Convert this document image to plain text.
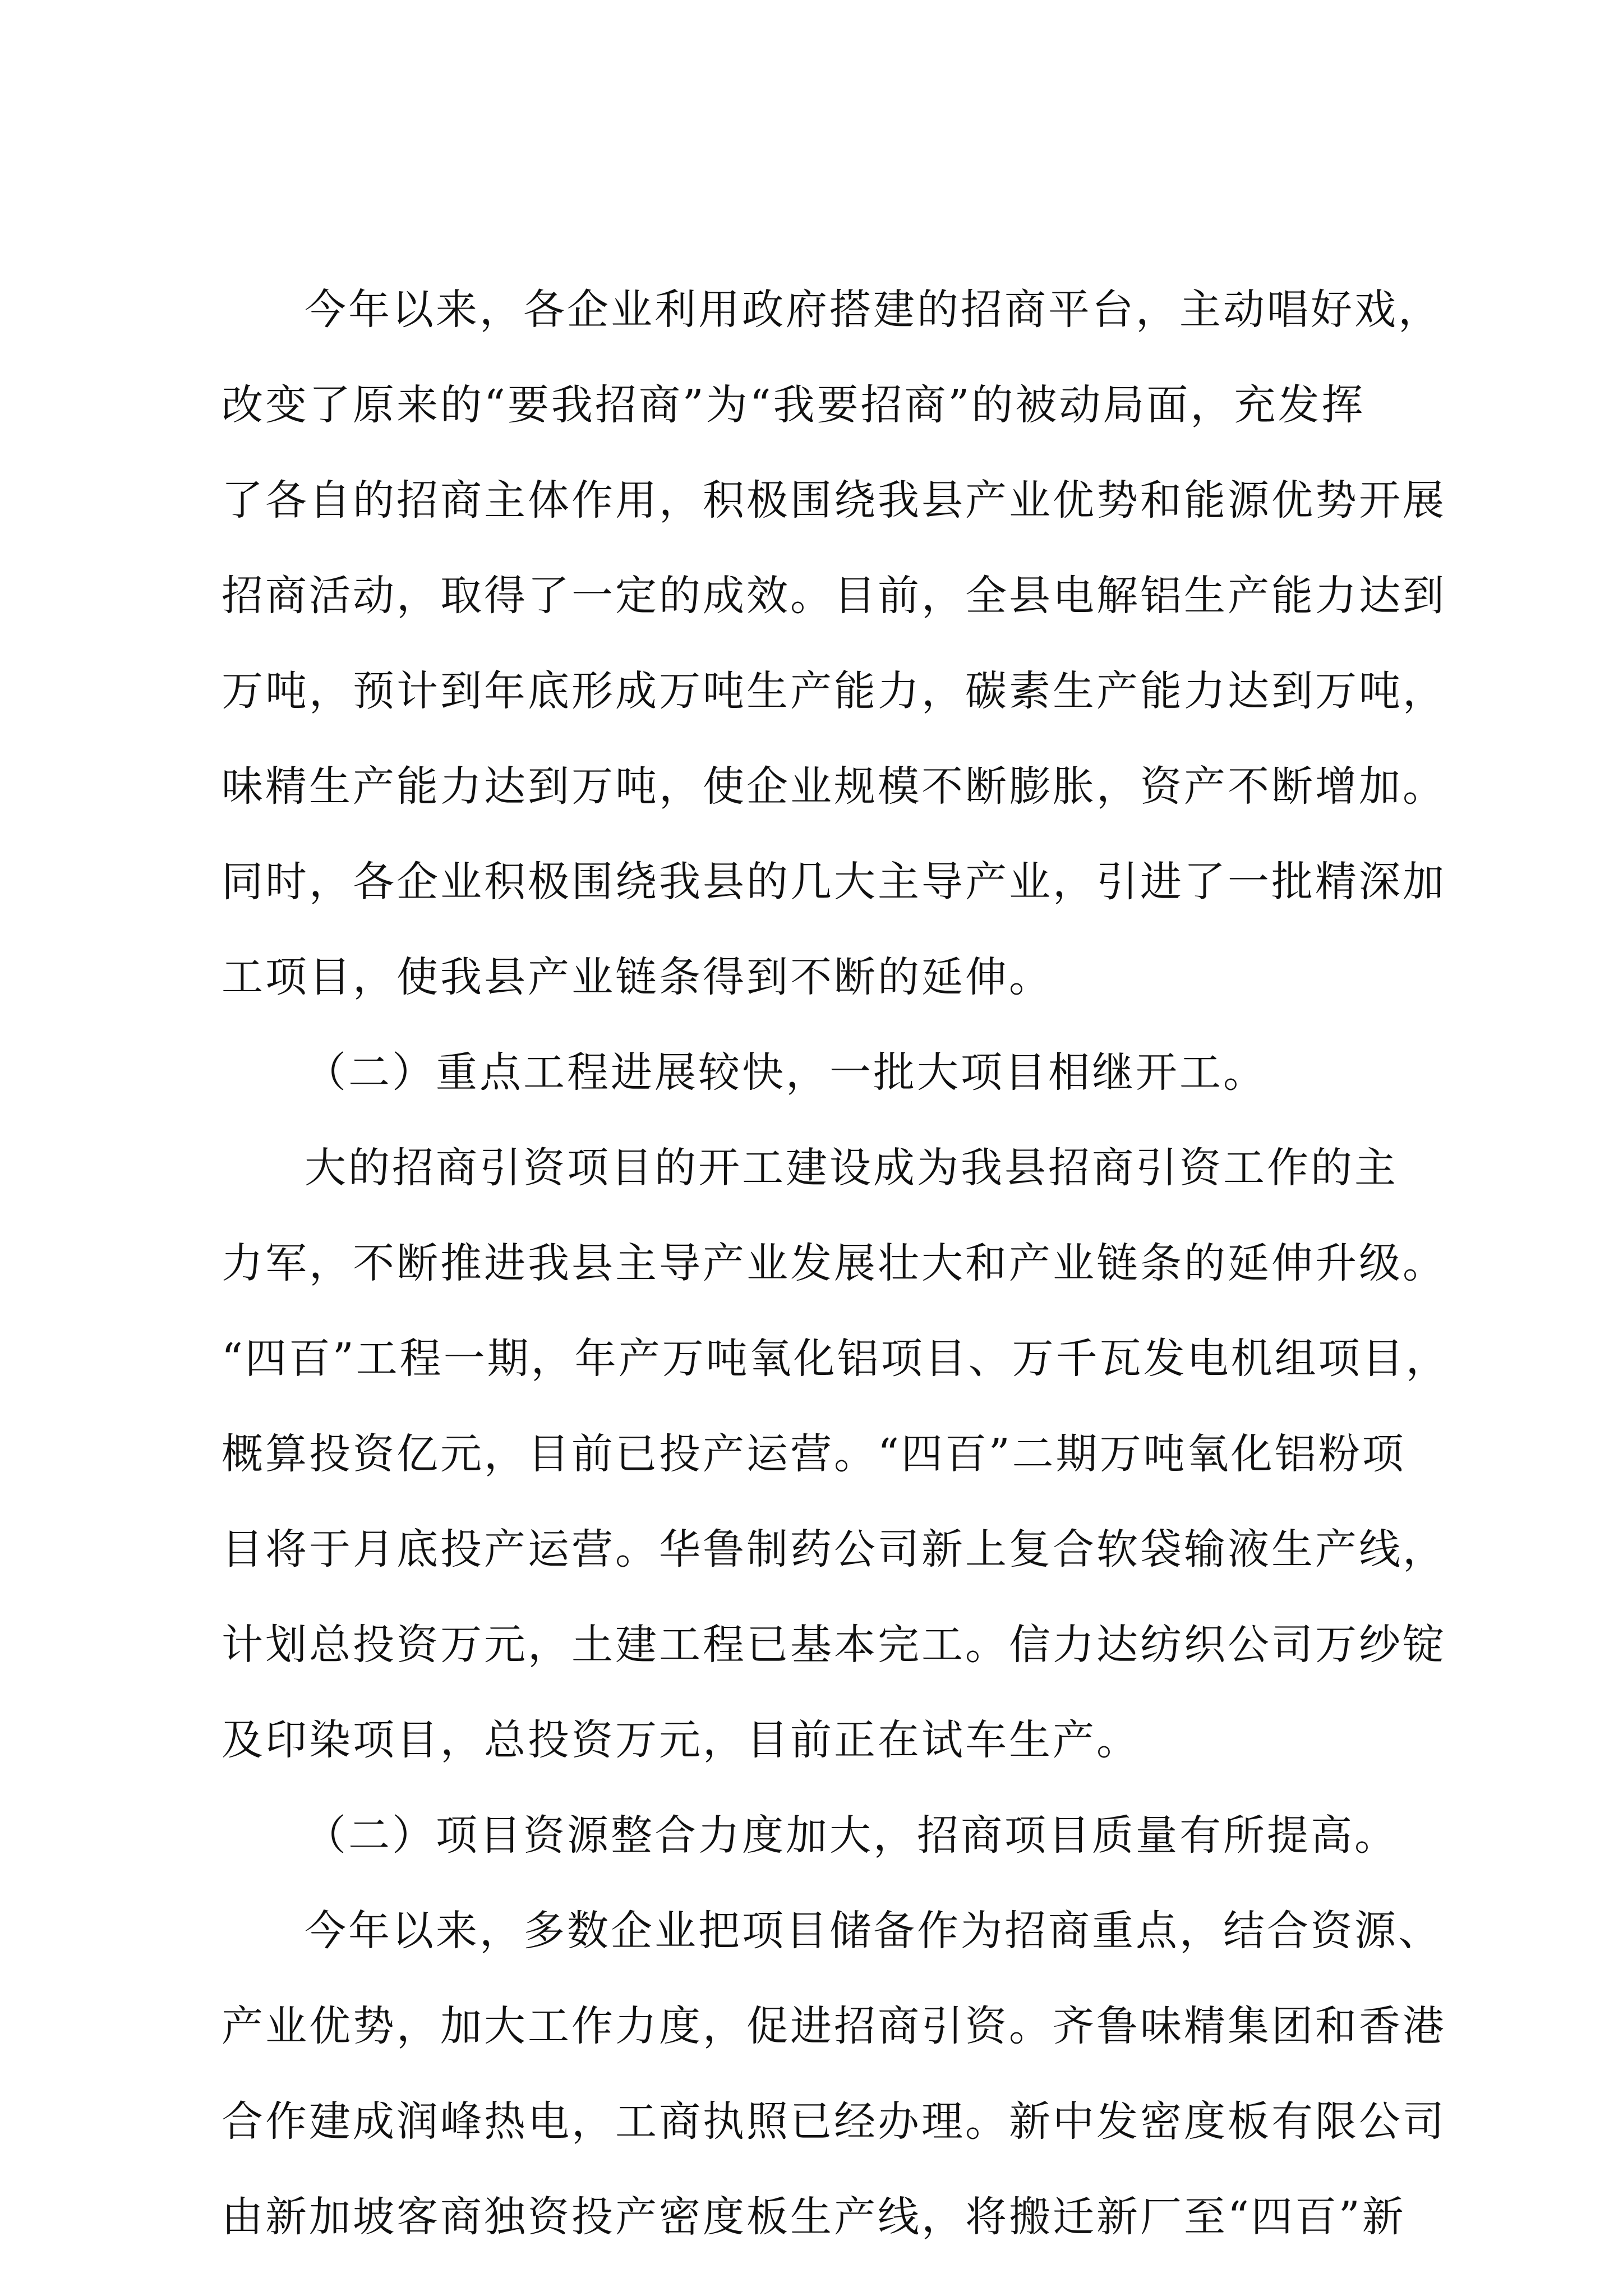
今年以来，各企业利用政府搭建的招商平台，主动唱好戏，
改变了原来的“要我招商”为“我要招商”的被动局面，充发挥
了各自的招商主体作用，积极围绕我县产业优势和能源优势开展
招商活动，取得了一定的成效。目前，全县电解铝生产能力达到
万吨，预计到年底形成万吨生产能力，碳素生产能力达到万吨，
味精生产能力达到万吨，使企业规模不断膨胀，资产不断增加。
同时，各企业积极围绕我县的几大主导产业，引进了一批精深加
工项目，使我县产业链条得到不断的延伸。
（二）重点工程进展较快，一批大项目相继开工。
大的招商引资项目的开工建设成为我县招商引资工作的主
力军，不断推进我县主导产业发展壮大和产业链条的延伸升级。
“四百”工程一期，年产万吨氧化铝项目、万千瓦发电机组项目，
概算投资亿元，目前已投产运营。“四百”二期万吨氧化铝粉项
目将于月底投产运营。华鲁制药公司新上复合软袋输液生产线，
计划总投资万元，土建工程已基本完工。信力达纺织公司万纱锭
及印染项目，总投资万元，目前正在试车生产。
（二）项目资源整合力度加大，招商项目质量有所提高。
今年以来，多数企业把项目储备作为招商重点，结合资源、
产业优势，加大工作力度，促进招商引资。齐鲁味精集团和香港
合作建成润峰热电，工商执照已经办理。新中发密度板有限公司
由新加坡客商独资投产密度板生产线，将搬迁新厂至“四百”新
